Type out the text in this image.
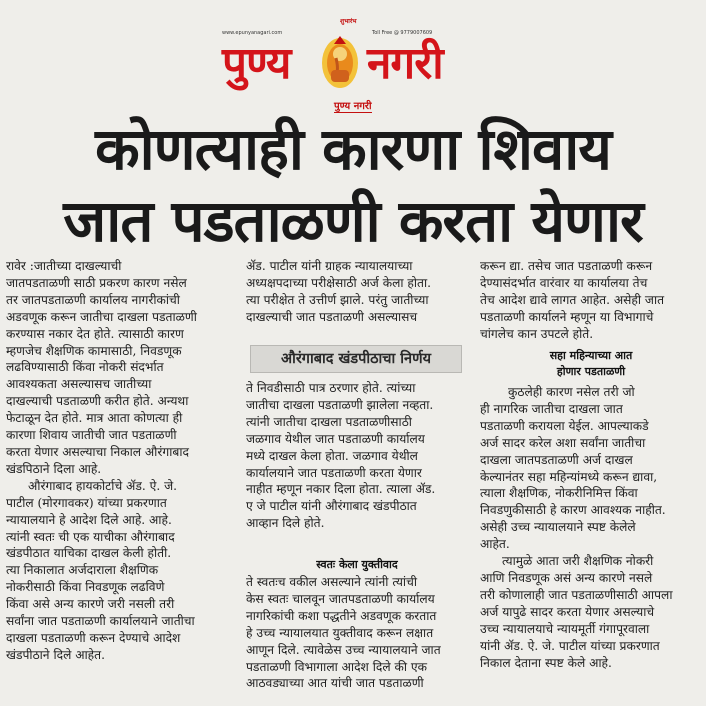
शुभारंभ
www.epunyanagari.com	Toll Free @ 9779007609
पुण्य नगरी
पुण्य नगरी
कोणत्याही कारणा शिवाय
जात पडताळणी करता येणार

रावेर :जातीच्या दाखल्याची

जातपडताळणी साठी प्रकरण कारण नसेल

तर जातपडताळणी कार्यालय नागरीकांची

अडवणूक करून जातीचा दाखला पडताळणी

करण्यास नकार देत होते. त्यासाठी कारण

म्हणजेच शैक्षणिक कामासाठी, निवडणूक

लढविण्यासाठी किंवा नोकरी संदर्भात

आवश्यकता असल्यासच जातीच्या

दाखल्याची पडताळणी करीत होते. अन्यथा

फेटाळून देत होते. मात्र आता कोणत्या ही

कारणा शिवाय जातीची जात पडताळणी

करता येणार असल्याचा निकाल औरंगाबाद

खंडपिठाने दिला आहे.

औरंगाबाद हायकोर्टाचे ॲड. ऐ. जे.

पाटील (मोरगावकर) यांच्या प्रकरणात

न्यायालयाने हे आदेश दिले आहे. आहे.

त्यांनी स्वतः ची एक याचीका औरंगाबाद

खंडपीठात याचिका दाखल केली होती.

त्या निकालात अर्जदाराला शैक्षणिक

नोकरीसाठी किंवा निवडणूक लढविणे

किंवा असे अन्य कारणे जरी नसली तरी

सर्वांना जात पडताळणी कार्यालयाने जातीचा

दाखला पडताळणी करून देण्याचे आदेश

खंडपीठाने दिले आहेत.

ॲड. पाटील यांनी ग्राहक न्यायालयाच्या

अध्यक्षपदाच्या परीक्षेसाठी अर्ज केला होता.

त्या परीक्षेत ते उत्तीर्ण झाले. परंतु जातीच्या

दाखल्याची जात पडताळणी असल्यासच

औरंगाबाद खंडपीठाचा निर्णय

ते निवडीसाठी पात्र ठरणार होते. त्यांच्या

जातीचा दाखला पडताळणी झालेला नव्हता.

त्यांनी जातीचा दाखला पडताळणीसाठी

जळगाव येथील जात पडताळणी कार्यालय

मध्ये दाखल केला होता. जळगाव येथील

कार्यालयाने जात पडताळणी करता येणार

नाहीत म्हणून नकार दिला होता. त्याला ॲड.

ए जे पाटील यांनी औरंगाबाद खंडपीठात

आव्हान दिले होते.

स्वतः केला युक्तीवाद

ते स्वतःच वकील असल्याने त्यांनी त्यांची

केस स्वतः चालवून जातपडताळणी कार्यालय

नागरिकांची कशा पद्धतीने अडवणूक करतात

हे उच्च न्यायालयात युक्तीवाद करून लक्षात

आणून दिले. त्यावेळेस उच्च न्यायालयाने जात

पडताळणी विभागाला आदेश दिले की एक

आठवड्याच्या आत यांची जात पडताळणी

करून द्या. तसेच जात पडताळणी करून

देण्यासंदर्भात वारंवार या कार्यालया तेच

तेच आदेश द्यावे लागत आहेत. असेही जात

पडताळणी कार्यालने म्हणून या विभागाचे

चांगलेच कान उपटले होते.

सहा महिन्याच्या आत
होणार पडताळणी

कुठलेही कारण नसेल तरी जो

ही नागरिक जातीचा दाखला जात

पडताळणी करायला येईल. आपल्याकडे

अर्ज सादर करेल अशा सर्वांना जातीचा

दाखला जातपडताळणी अर्ज दाखल

केल्यानंतर सहा महिन्यांमध्ये करून द्यावा,

त्याला शैक्षणिक, नोकरीनिमित्त किंवा

निवडणुकीसाठी हे कारण आवश्यक नाहीत.

असेही उच्च न्यायालयाने स्पष्ट केलेले

आहेत.

त्यामुळे आता जरी शैक्षणिक नोकरी

आणि निवडणूक असं अन्य कारणे नसले

तरी कोणालाही जात पडताळणीसाठी आपला

अर्ज यापुढे सादर करता येणार असल्याचे

उच्च न्यायालयाचे न्यायमूर्ती गंगापूरवाला

यांनी ॲड. ऐ. जे. पाटील यांच्या प्रकरणात

निकाल देताना स्पष्ट केले आहे.
